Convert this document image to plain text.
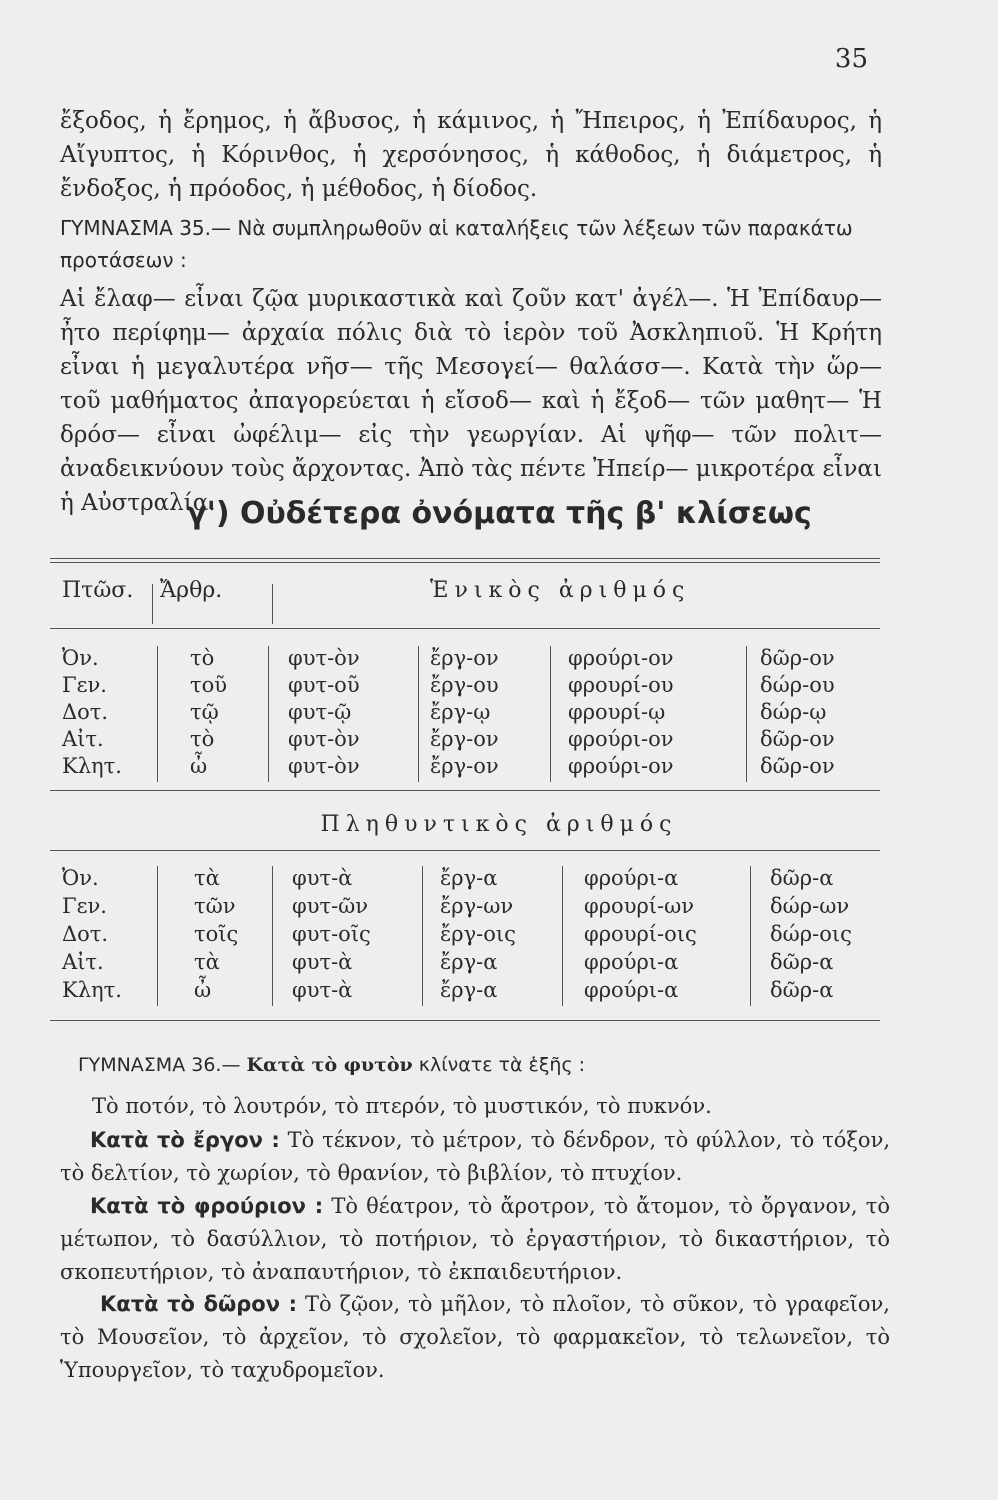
35
ἔξοδος, ἡ ἔρημος, ἡ ἄβυσος, ἡ κάμινος, ἡ Ἤπειρος, ἡ Ἐπίδαυρος, ἡ Αἴγυπτος, ἡ Κόρινθος, ἡ χερσόνησος, ἡ κάθοδος, ἡ διάμετρος, ἡ ἔνδοξος, ἡ πρόοδος, ἡ μέθοδος, ἡ δίοδος.
ΓΥΜΝΑΣΜΑ 35.— Νὰ συμπληρωθοῦν αἱ καταλήξεις τῶν λέξεων τῶν παρακάτω προτάσεων :
Αἱ ἔλαφ— εἶναι ζῷα μυρικαστικὰ καὶ ζοῦν κατ' ἀγέλ—. Ἡ Ἐπίδαυρ— ἦτο περίφημ— ἀρχαία πόλις διὰ τὸ ἱερὸν τοῦ Ἀσκληπιοῦ. Ἡ Κρήτη εἶναι ἡ μεγαλυτέρα νῆσ— τῆς Μεσογεί— θαλάσσ—. Κατὰ τὴν ὥρ— τοῦ μαθήματος ἀπαγορεύεται ἡ εἴσοδ— καὶ ἡ ἔξοδ— τῶν μαθητ— Ἡ δρόσ— εἶναι ὠφέλιμ— εἰς τὴν γεωργίαν. Αἱ ψῆφ— τῶν πολιτ— ἀναδεικνύουν τοὺς ἄρχοντας. Ἀπὸ τὰς πέντε Ἠπείρ— μικροτέρα εἶναι ἡ Αὐστραλία.
γ') Οὐδέτερα ὀνόματα τῆς β' κλίσεως
Πτῶσ. Ἄρθρ.	Ἑνικὸς ἀριθμός
Ὀν.	τὸ	φυτ-ὸν	ἔργ-ον	φρούρι-ον	δῶρ-ον
Γεν.	τοῦ	φυτ-οῦ	ἔργ-ου	φρουρί-ου	δώρ-ου
Δοτ.	τῷ	φυτ-ῷ	ἔργ-ῳ	φρουρί-ῳ	δώρ-ῳ
Αἰτ.	τὸ	φυτ-ὸν	ἔργ-ον	φρούρι-ον	δῶρ-ον
Κλητ.	ὦ	φυτ-ὸν	ἔργ-ον	φρούρι-ον	δῶρ-ον
Πληθυντικὸς ἀριθμός
Ὀν.	τὰ	φυτ-ὰ	ἔργ-α	φρούρι-α	δῶρ-α
Γεν.	τῶν	φυτ-ῶν	ἔργ-ων	φρουρί-ων	δώρ-ων
Δοτ.	τοῖς	φυτ-οῖς	ἔργ-οις	φρουρί-οις	δώρ-οις
Αἰτ.	τὰ	φυτ-ὰ	ἔργ-α	φρούρι-α	δῶρ-α
Κλητ.	ὦ	φυτ-ὰ	ἔργ-α	φρούρι-α	δῶρ-α
ΓΥΜΝΑΣΜΑ 36.— Κατὰ τὸ φυτὸν κλίνατε τὰ ἑξῆς :
Τὸ ποτόν, τὸ λουτρόν, τὸ πτερόν, τὸ μυστικόν, τὸ πυκνόν.
Κατὰ τὸ ἔργον : Τὸ τέκνον, τὸ μέτρον, τὸ δένδρον, τὸ φύλλον, τὸ τόξον, τὸ δελτίον, τὸ χωρίον, τὸ θρανίον, τὸ βιβλίον, τὸ πτυχίον.
Κατὰ τὸ φρούριον : Τὸ θέατρον, τὸ ἄροτρον, τὸ ἄτομον, τὸ ὄργανον, τὸ μέτωπον, τὸ δασύλλιον, τὸ ποτήριον, τὸ ἐργαστήριον, τὸ δικαστήριον, τὸ σκοπευτήριον, τὸ ἀναπαυτήριον, τὸ ἐκπαιδευτήριον.
Κατὰ τὸ δῶρον : Τὸ ζῷον, τὸ μῆλον, τὸ πλοῖον, τὸ σῦκον, τὸ γραφεῖον, τὸ Μουσεῖον, τὸ ἀρχεῖον, τὸ σχολεῖον, τὸ φαρμακεῖον, τὸ τελωνεῖον, τὸ Ὑπουργεῖον, τὸ ταχυδρομεῖον.
